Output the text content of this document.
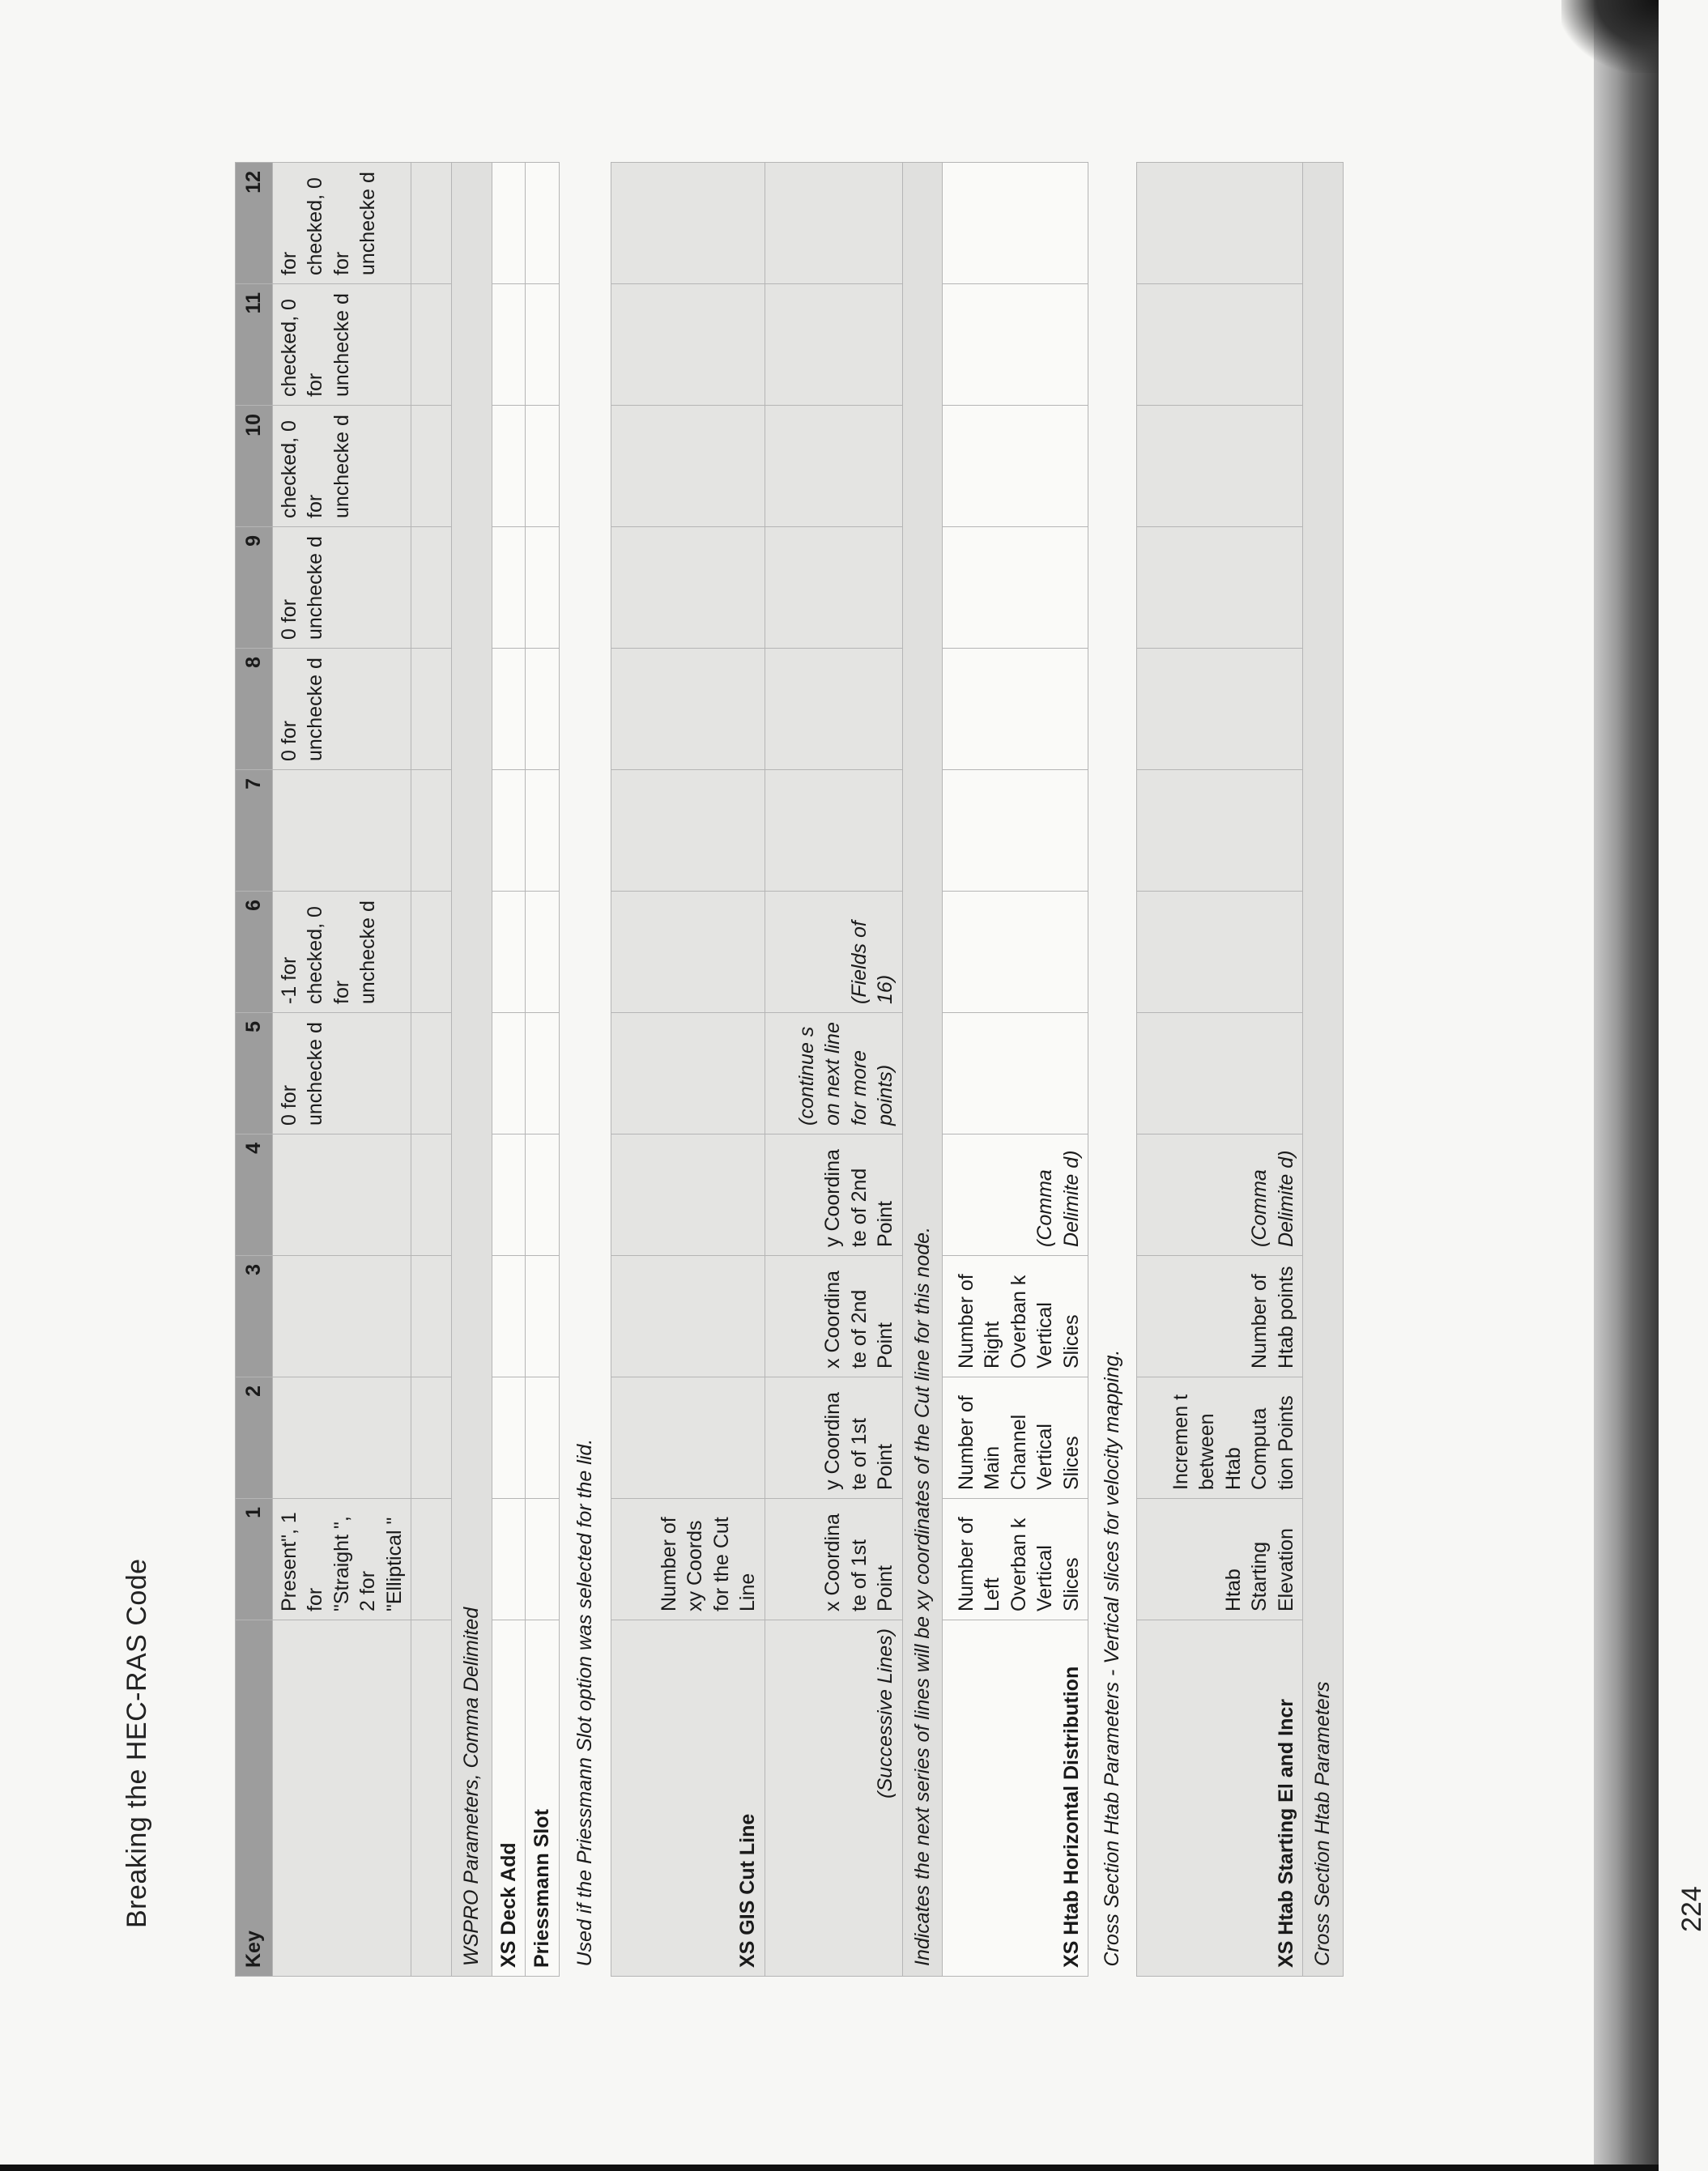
Breaking the HEC-RAS Code
Key	1	2	3	4	5	6	7	8	9	10	11	12
	Present", 1 for "Straight ", 2 for "Elliptical "				0 for unchecke d	-1 for checked, 0 for unchecke d		0 for unchecke d	0 for unchecke d	checked, 0 for unchecke d	checked, 0 for unchecke d	for checked, 0 for unchecke d

WSPRO Parameters, Comma Delimited												
XS Deck Add												
Priessmann Slot												
Used if the Priessmann Slot option was selected for the lid.												
XS GIS Cut Line	Number of xy Coords for the Cut Line											
(Successive Lines)	x Coordina te of 1st Point	y Coordina te of 1st Point	x Coordina te of 2nd Point	y Coordina te of 2nd Point	(continue s on next line for more points)	(Fields of 16)						
Indicates the next series of lines will be xy coordinates of the Cut line for this node.												
XS Htab Horizontal Distribution	Number of Left Overban k Vertical Slices	Number of Main Channel Vertical Slices	Number of Right Overban k Vertical Slices	(Comma Delimite d)								
Cross Section Htab Parameters - Vertical slices for velocity mapping.												
XS Htab Starting El and Incr	Htab Starting Elevation	Incremen t between Htab Computa tion Points	Number of Htab points	(Comma Delimite d)								
Cross Section Htab Parameters													224
